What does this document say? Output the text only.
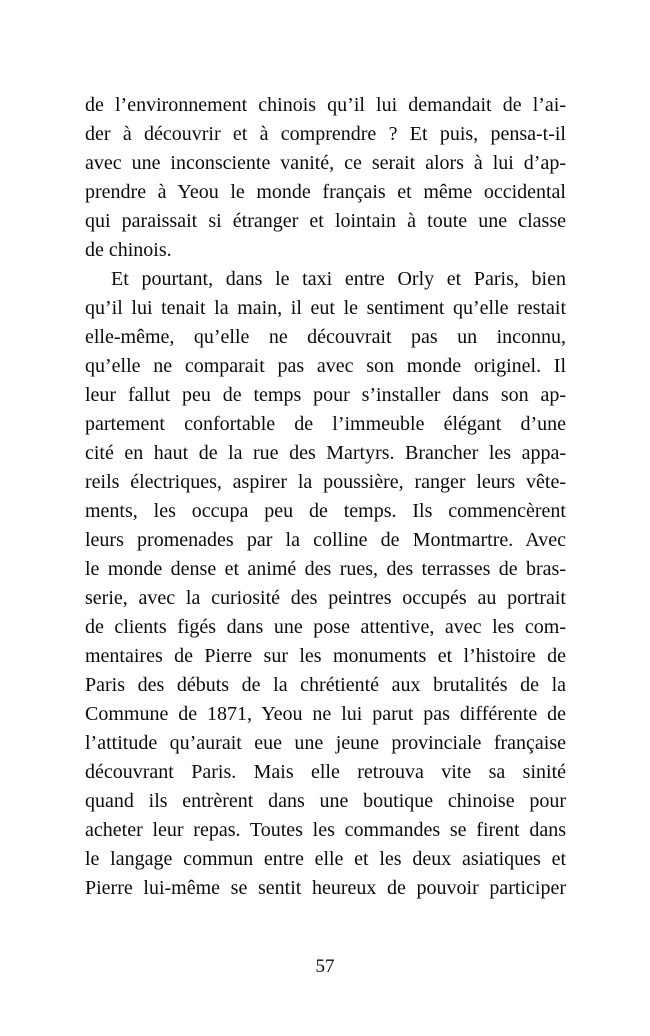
de l’environnement chinois qu’il lui demandait de l’ai-
der à découvrir et à comprendre ? Et puis, pensa-t-il
avec une inconsciente vanité, ce serait alors à lui d’ap-
prendre à Yeou le monde français et même occidental
qui paraissait si étranger et lointain à toute une classe
de chinois.
Et pourtant, dans le taxi entre Orly et Paris, bien
qu’il lui tenait la main, il eut le sentiment qu’elle restait
elle-même, qu’elle ne découvrait pas un inconnu,
qu’elle ne comparait pas avec son monde originel. Il
leur fallut peu de temps pour s’installer dans son ap-
partement confortable de l’immeuble élégant d’une
cité en haut de la rue des Martyrs. Brancher les appa-
reils électriques, aspirer la poussière, ranger leurs vête-
ments, les occupa peu de temps. Ils commencèrent
leurs promenades par la colline de Montmartre. Avec
le monde dense et animé des rues, des terrasses de bras-
serie, avec la curiosité des peintres occupés au portrait
de clients figés dans une pose attentive, avec les com-
mentaires de Pierre sur les monuments et l’histoire de
Paris des débuts de la chrétienté aux brutalités de la
Commune de 1871, Yeou ne lui parut pas différente de
l’attitude qu’aurait eue une jeune provinciale française
découvrant Paris. Mais elle retrouva vite sa sinité
quand ils entrèrent dans une boutique chinoise pour
acheter leur repas. Toutes les commandes se firent dans
le langage commun entre elle et les deux asiatiques et
Pierre lui-même se sentit heureux de pouvoir participer
57
